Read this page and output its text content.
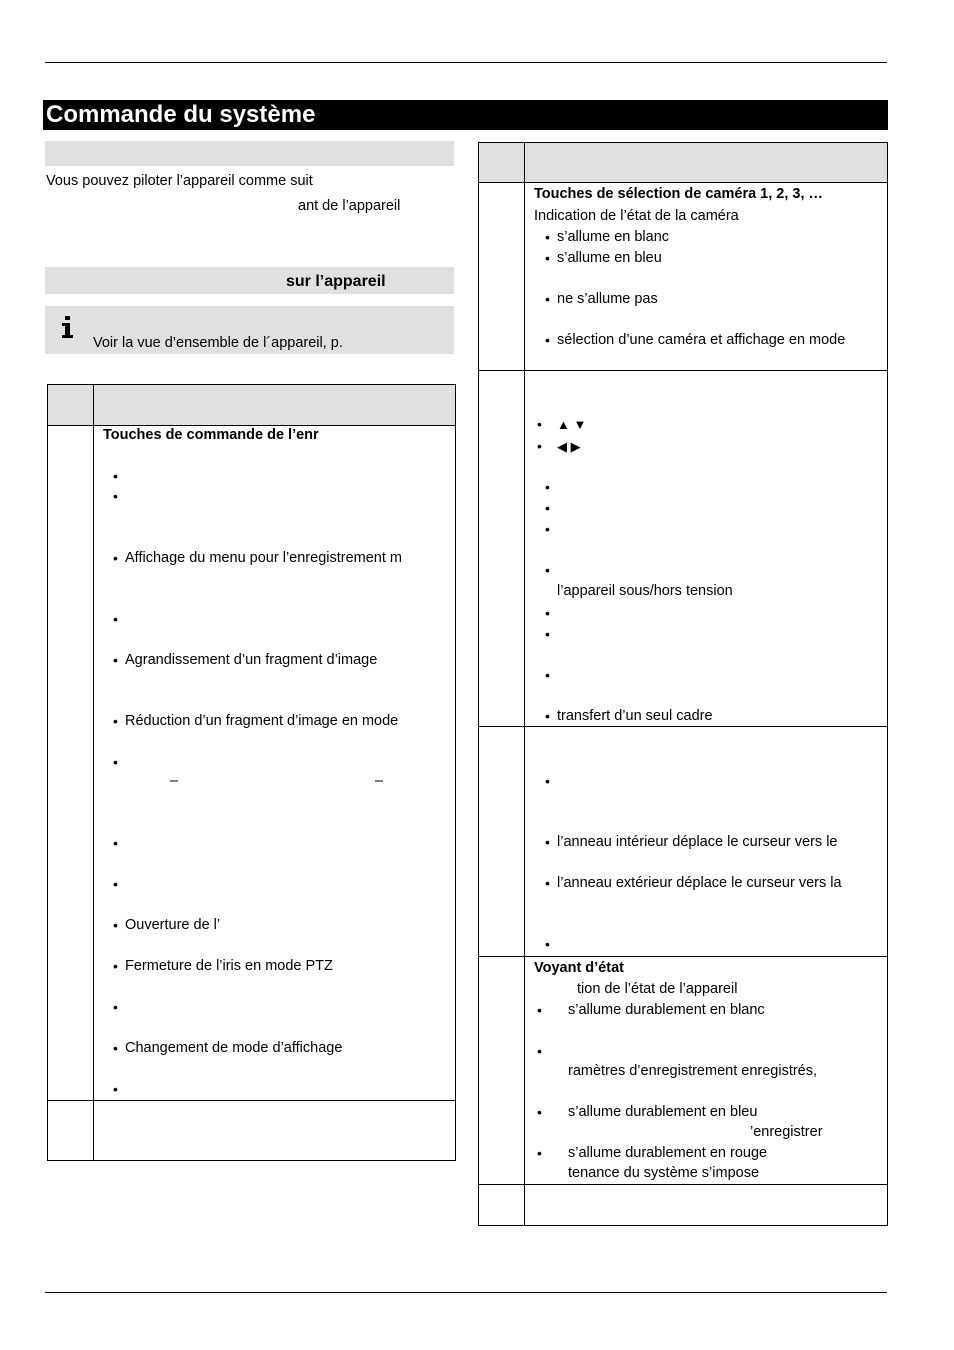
Commande du système
Vous pouvez piloter l’appareil comme suit
ant de l’appareil
sur l’appareil
Voir la vue d’ensemble de l´appareil, p.
Touches de commande de l’enr
•
•
• Affichage du menu pour l’enregistrement m
•
• Agrandissement d’un fragment d’image
• Réduction d’un fragment d’image en mode
•
–	–
•
•
• Ouverture de l’
• Fermeture de l’iris en mode PTZ
•
• Changement de mode d’affichage
•
Touches de sélection de caméra 1, 2, 3, …
Indication de l’état de la caméra
• s’allume en blanc
• s’allume en bleu
• ne s’allume pas
• sélection d’une caméra et affichage en mode
• ▲ ▼
• ◀ ▶
•
•
•
•
l’appareil sous/hors tension
•
•
•
• transfert d’un seul cadre
•
• l’anneau intérieur déplace le curseur vers le
• l’anneau extérieur déplace le curseur vers la
•
Voyant d’état
tion de l’état de l’appareil
• s’allume durablement en blanc
•
ramètres d’enregistrement enregistrés,
• s’allume durablement en bleu
’enregistrer
• s’allume durablement en rouge
tenance du système s’impose
